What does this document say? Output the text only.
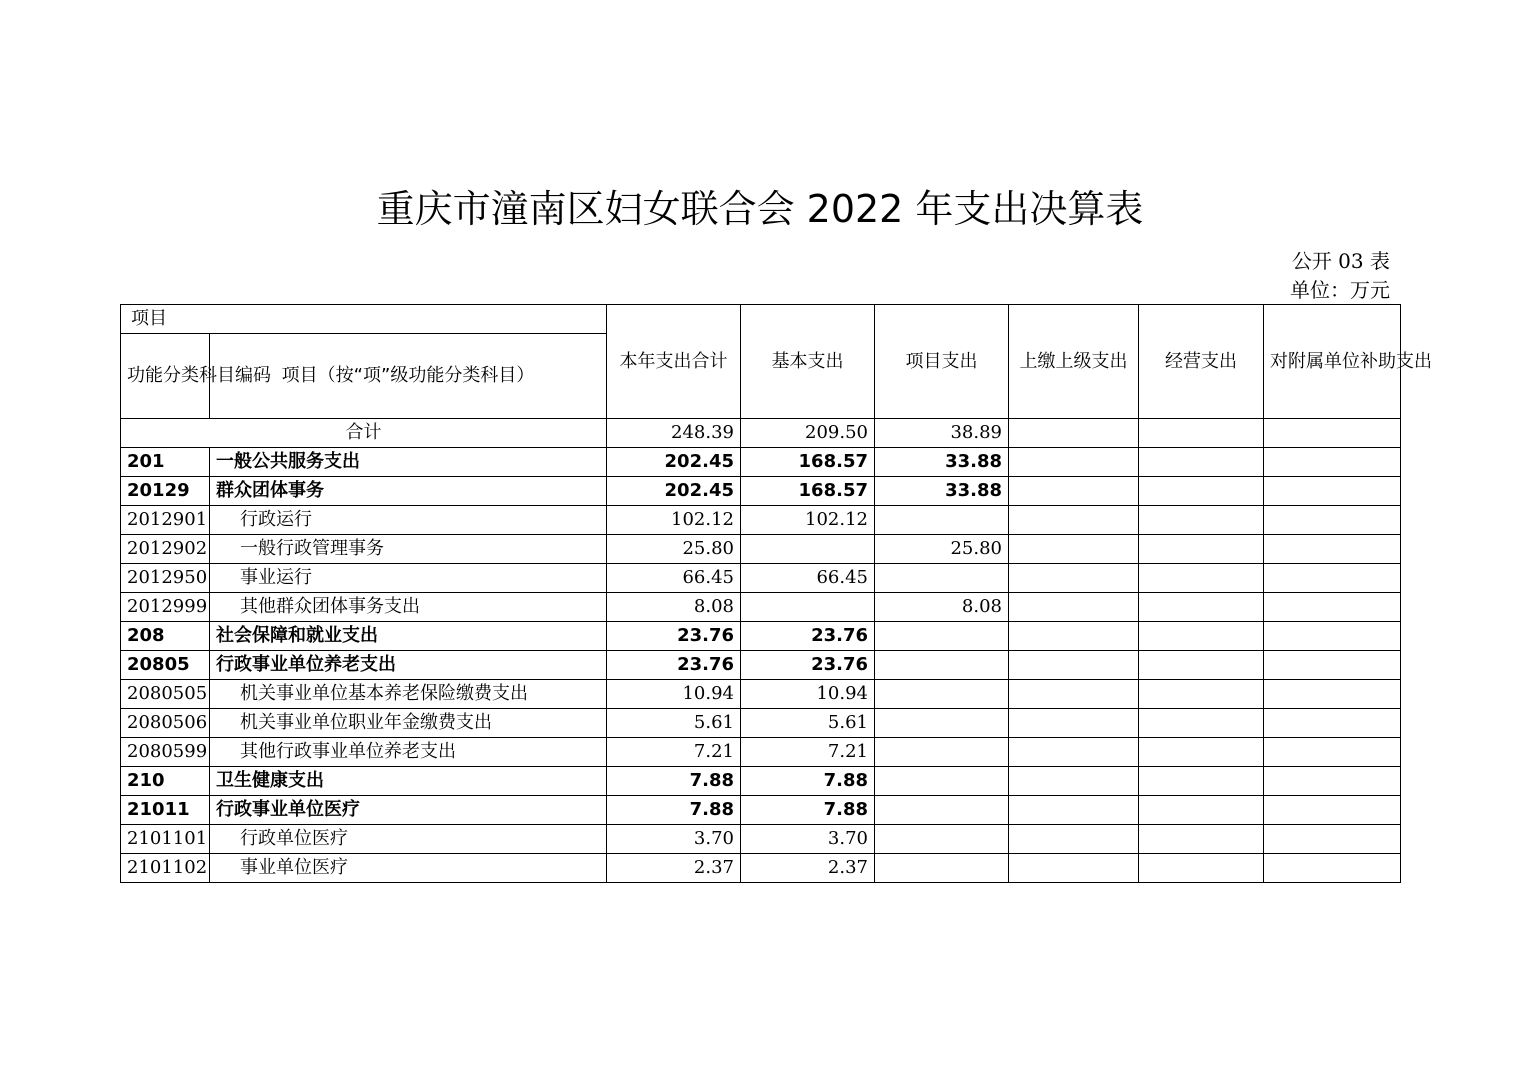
重庆市潼南区妇女联合会 2022 年支出决算表
公开 03 表
单位：万元
项目		本年支出合计	基本支出	项目支出	上缴上级支出	经营支出	对附属单位补助支出
功能分类科目编码	项目（按“项”级功能分类科目）						
合计		248.39	209.50	38.89			
201	一般公共服务支出	202.45	168.57	33.88			
20129	群众团体事务	202.45	168.57	33.88			
2012901	行政运行	102.12	102.12				
2012902	一般行政管理事务	25.80		25.80			
2012950	事业运行	66.45	66.45				
2012999	其他群众团体事务支出	8.08		8.08			
208	社会保障和就业支出	23.76	23.76				
20805	行政事业单位养老支出	23.76	23.76				
2080505	机关事业单位基本养老保险缴费支出	10.94	10.94				
2080506	机关事业单位职业年金缴费支出	5.61	5.61				
2080599	其他行政事业单位养老支出	7.21	7.21				
210	卫生健康支出	7.88	7.88				
21011	行政事业单位医疗	7.88	7.88				
2101101	行政单位医疗	3.70	3.70				
2101102	事业单位医疗	2.37	2.37				
